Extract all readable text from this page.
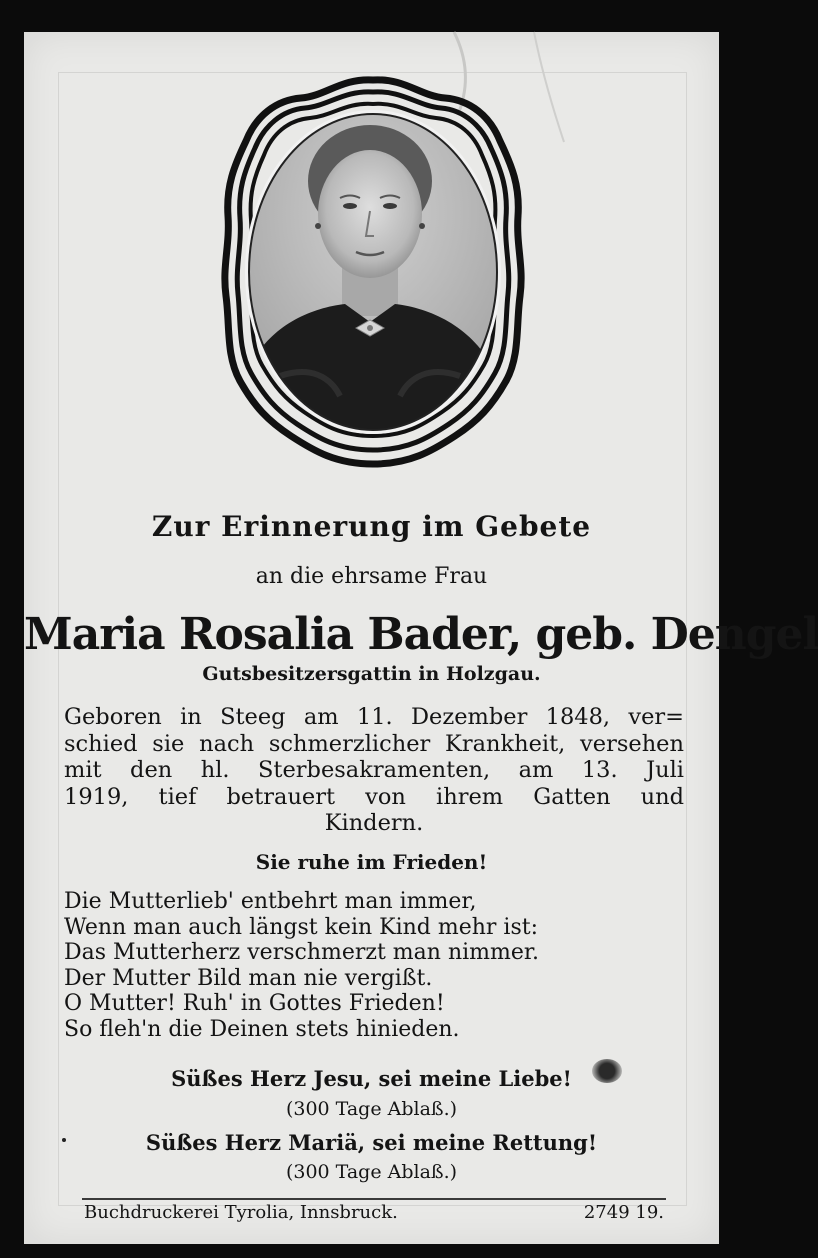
Zur Erinnerung im Gebete
an die ehrsame Frau
Maria Rosalia Bader, geb. Dengel
Gutsbesitzersgattin in Holzgau.
Geboren in Steeg am 11. Dezember 1848, ver=
schied sie nach schmerzlicher Krankheit, versehen
mit den hl. Sterbesakramenten, am 13. Juli
1919, tief betrauert von ihrem Gatten und
Kindern.
Sie ruhe im Frieden!
Die Mutterlieb' entbehrt man immer,
Wenn man auch längst kein Kind mehr ist:
Das Mutterherz verschmerzt man nimmer.
Der Mutter Bild man nie vergißt.
O Mutter! Ruh' in Gottes Frieden!
So fleh'n die Deinen stets hinieden.
Süßes Herz Jesu, sei meine Liebe!
(300 Tage Ablaß.)
Süßes Herz Mariä, sei meine Rettung!
(300 Tage Ablaß.)
Buchdruckerei Tyrolia, Innsbruck.	2749 19.
